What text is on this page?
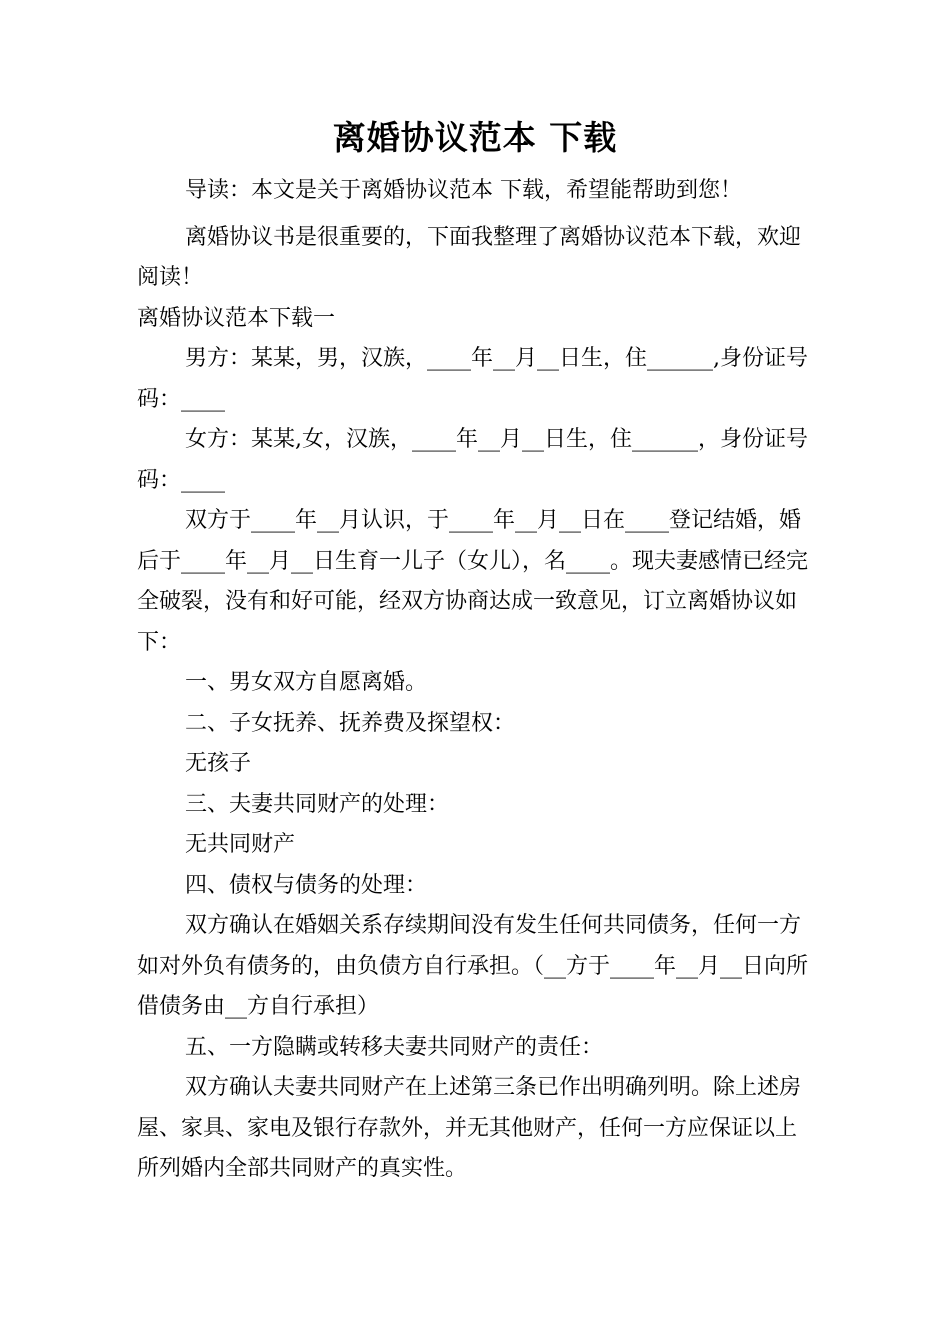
离婚协议范本 下载

导读：本文是关于离婚协议范本 下载，希望能帮助到您！

离婚协议书是很重要的，下面我整理了离婚协议范本下载，欢迎阅读！

离婚协议范本下载一

男方：某某，男，汉族，____年__月__日生，住______,身份证号码：____

女方：某某,女，汉族，____年__月__日生，住______，身份证号码：____

双方于____年__月认识，于____年__月__日在____登记结婚，婚后于____年__月__日生育一儿子（女儿），名____。现夫妻感情已经完全破裂，没有和好可能，经双方协商达成一致意见，订立离婚协议如下：

一、男女双方自愿离婚。

二、子女抚养、抚养费及探望权：

无孩子

三、夫妻共同财产的处理：

无共同财产

四、债权与债务的处理：

双方确认在婚姻关系存续期间没有发生任何共同债务，任何一方如对外负有债务的，由负债方自行承担。（__方于____年__月__日向所借债务由__方自行承担）

五、一方隐瞒或转移夫妻共同财产的责任：

双方确认夫妻共同财产在上述第三条已作出明确列明。除上述房屋、家具、家电及银行存款外，并无其他财产，任何一方应保证以上所列婚内全部共同财产的真实性。
